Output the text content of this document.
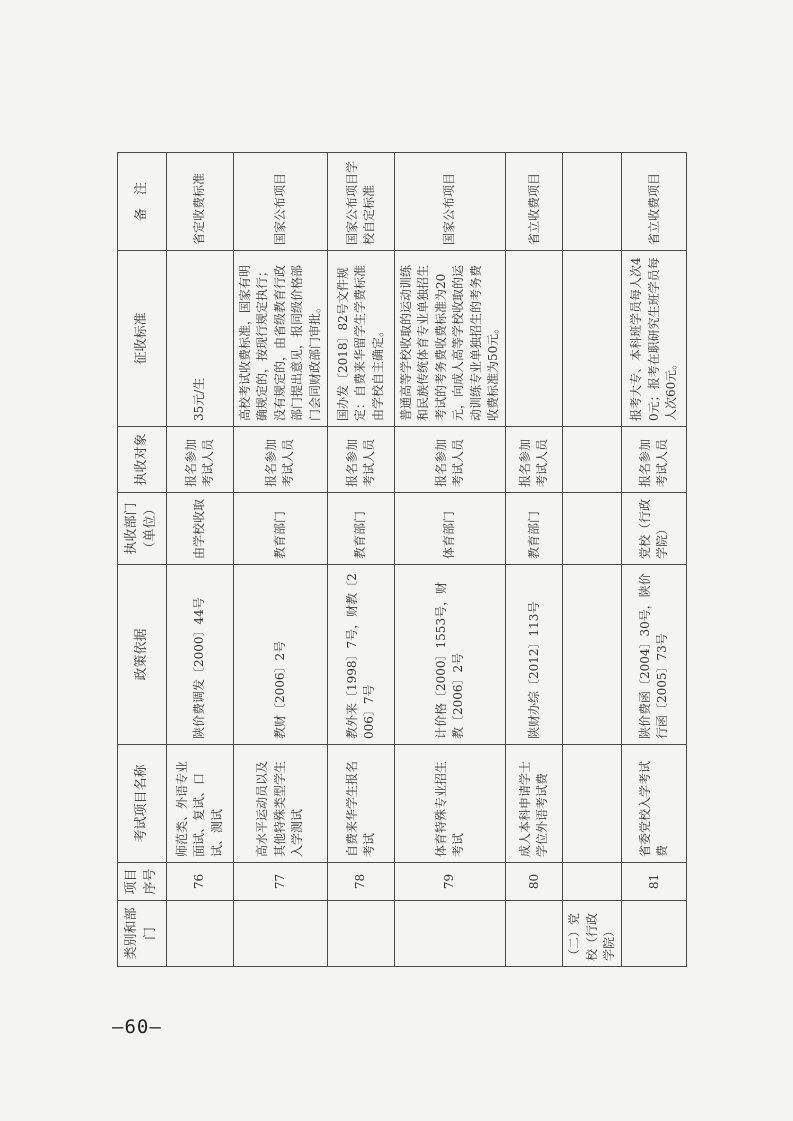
—60—
类别和部门	项目序号	考试项目名称	政策依据	执收部门（单位）	执收对象	征收标准	备　注
	76	师范类、外语专业面试、复试、口试、测试	陕价费调发〔2000〕44号	由学校收取	报名参加考试人员	35元/生	省定收费标准
	77	高水平运动员以及其他特殊类型学生入学测试	教财〔2006〕2号	教育部门	报名参加考试人员	高校考试收费标准，国家有明确规定的，按现行规定执行；没有规定的，由省级教育行政部门提出意见，报同级价格部门会同财政部门审批。	国家公布项目
	78	自费来华学生报名考试	教外来〔1998〕7号，财教〔2006〕7号	教育部门	报名参加考试人员	国办发〔2018〕82号文件规定：自费来华留学生学费标准由学校自主确定。	国家公布项目学校自定标准
	79	体育特殊专业招生考试	计价格〔2000〕1553号，财教〔2006〕2号	体育部门	报名参加考试人员	普通高等学校收取的运动训练和民族传统体育专业单独招生考试的考务费收费标准为20元，向成人高等学校收取的运动训练专业单独招生的考务费收费标准为50元。	国家公布项目
	80	成人本科申请学士学位外语考试费	陕财办综〔2012〕113号	教育部门	报名参加考试人员		省立收费项目
（二）党校（行政学院）							
	81	省委党校入学考试费	陕价费函〔2004〕30号，陕价行函〔2005〕73号	党校（行政学院）	报名参加考试人员	报考大专、本科班学员每人次40元；报考在职研究生班学员每人次60元。	省立收费项目
